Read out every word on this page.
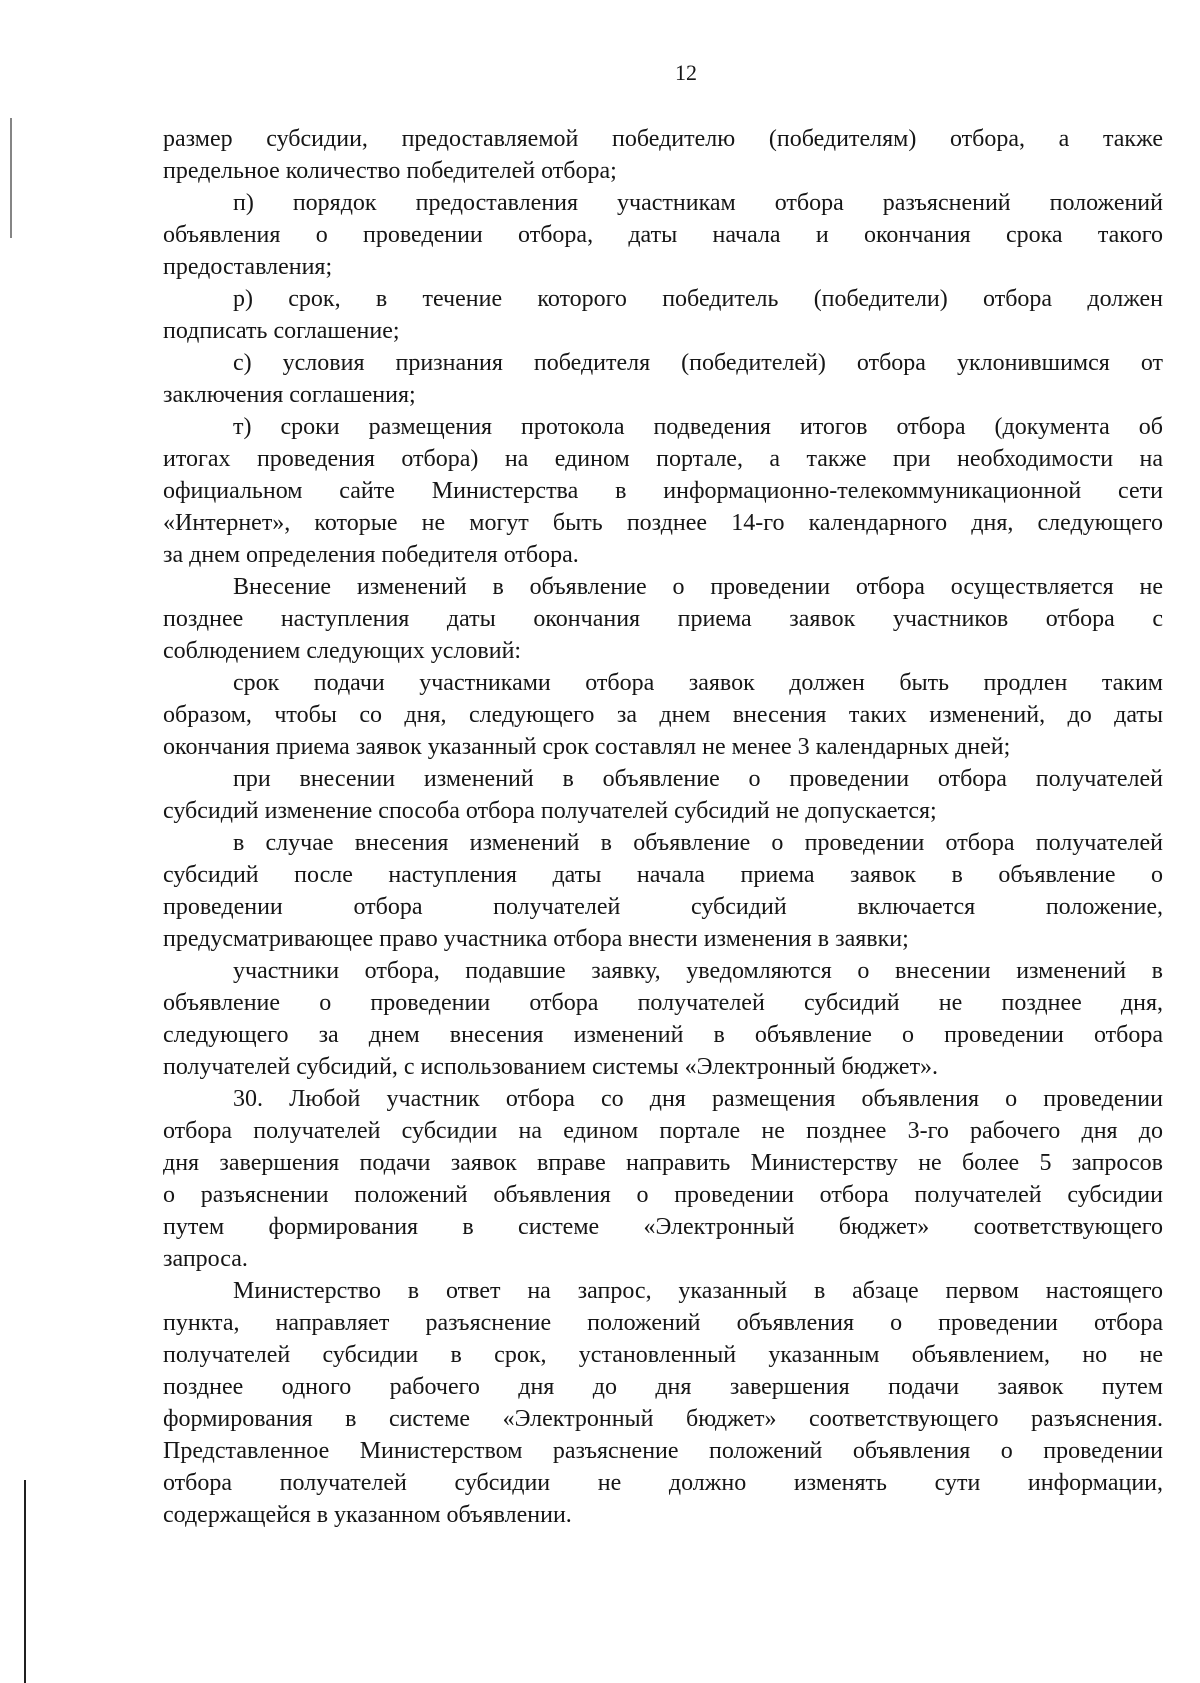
12
размер субсидии, предоставляемой победителю (победителям) отбора, а также
предельное количество победителей отбора;
п) порядок предоставления участникам отбора разъяснений положений
объявления о проведении отбора, даты начала и окончания срока такого
предоставления;
р) срок, в течение которого победитель (победители) отбора должен
подписать соглашение;
с) условия признания победителя (победителей) отбора уклонившимся от
заключения соглашения;
т) сроки размещения протокола подведения итогов отбора (документа об
итогах проведения отбора) на едином портале, а также при необходимости на
официальном сайте Министерства в информационно-телекоммуникационной сети
«Интернет», которые не могут быть позднее 14-го календарного дня, следующего
за днем определения победителя отбора.
Внесение изменений в объявление о проведении отбора осуществляется не
позднее наступления даты окончания приема заявок участников отбора с
соблюдением следующих условий:
срок подачи участниками отбора заявок должен быть продлен таким
образом, чтобы со дня, следующего за днем внесения таких изменений, до даты
окончания приема заявок указанный срок составлял не менее 3 календарных дней;
при внесении изменений в объявление о проведении отбора получателей
субсидий изменение способа отбора получателей субсидий не допускается;
в случае внесения изменений в объявление о проведении отбора получателей
субсидий после наступления даты начала приема заявок в объявление о
проведении отбора получателей субсидий включается положение,
предусматривающее право участника отбора внести изменения в заявки;
участники отбора, подавшие заявку, уведомляются о внесении изменений в
объявление о проведении отбора получателей субсидий не позднее дня,
следующего за днем внесения изменений в объявление о проведении отбора
получателей субсидий, с использованием системы «Электронный бюджет».
30. Любой участник отбора со дня размещения объявления о проведении
отбора получателей субсидии на едином портале не позднее 3-го рабочего дня до
дня завершения подачи заявок вправе направить Министерству не более 5 запросов
о разъяснении положений объявления о проведении отбора получателей субсидии
путем формирования в системе «Электронный бюджет» соответствующего
запроса.
Министерство в ответ на запрос, указанный в абзаце первом настоящего
пункта, направляет разъяснение положений объявления о проведении отбора
получателей субсидии в срок, установленный указанным объявлением, но не
позднее одного рабочего дня до дня завершения подачи заявок путем
формирования в системе «Электронный бюджет» соответствующего разъяснения.
Представленное Министерством разъяснение положений объявления о проведении
отбора получателей субсидии не должно изменять сути информации,
содержащейся в указанном объявлении.
